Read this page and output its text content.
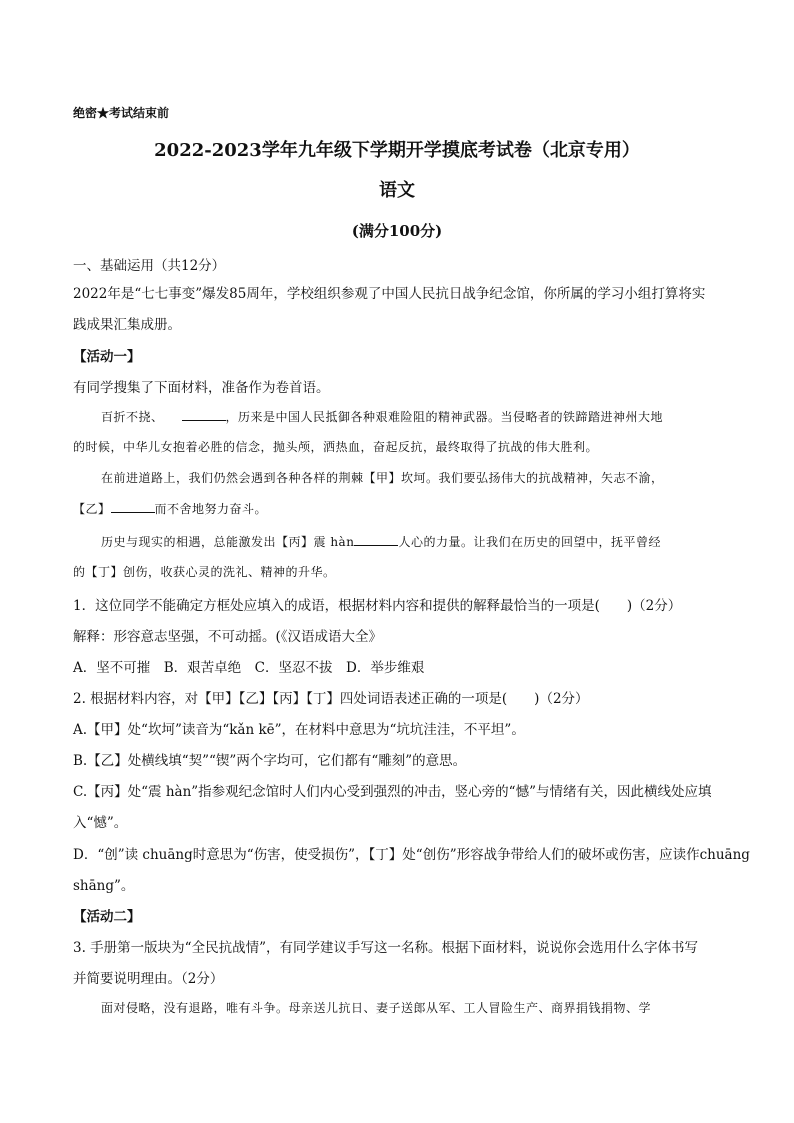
绝密★考试结束前
2022-2023学年九年级下学期开学摸底考试卷（北京专用）
语文
(满分100分)
一、基础运用（共12分）
2022年是“七七事变”爆发85周年，学校组织参观了中国人民抗日战争纪念馆，你所属的学习小组打算将实
践成果汇集成册。
【活动一】
有同学搜集了下面材料，准备作为卷首语。
百折不挠、	，历来是中国人民抵御各种艰难险阻的精神武器。当侵略者的铁蹄踏进神州大地
的时候，中华儿女抱着必胜的信念，抛头颅，洒热血，奋起反抗，最终取得了抗战的伟大胜利。
在前进道路上，我们仍然会遇到各种各样的荆棘【甲】坎坷。我们要弘扬伟大的抗战精神，矢志不渝，
【乙】	而不舍地努力奋斗。
历史与现实的相遇，总能激发出【丙】震 hàn	人心的力量。让我们在历史的回望中，抚平曾经
的【丁】创伤，收获心灵的洗礼、精神的升华。
1．这位同学不能确定方框处应填入的成语，根据材料内容和提供的解释最恰当的一项是(　　)（2分）
解释：形容意志坚强，不可动摇。(《汉语成语大全》
A．坚不可摧　B．艰苦卓绝　C．坚忍不拔　D．举步维艰
2. 根据材料内容，对【甲】【乙】【丙】【丁】四处词语表述正确的一项是(　　)（2分）
A.【甲】处“坎坷”读音为“kǎn kē”，在材料中意思为“坑坑洼洼，不平坦”。
B.【乙】处横线填“契”“锲”两个字均可，它们都有“雕刻”的意思。
C.【丙】处“震 hàn”指参观纪念馆时人们内心受到强烈的冲击，竖心旁的“憾”与情绪有关，因此横线处应填
入“憾”。
D．“创”读 chuāng时意思为“伤害，使受损伤”，【丁】处“创伤”形容战争带给人们的破坏或伤害，应读作chuāng
shāng”。
【活动二】
3. 手册第一版块为“全民抗战情”，有同学建议手写这一名称。根据下面材料，说说你会选用什么字体书写
并简要说明理由。（2分）
面对侵略，没有退路，唯有斗争。母亲送儿抗日、妻子送郎从军、工人冒险生产、商界捐钱捐物、学
